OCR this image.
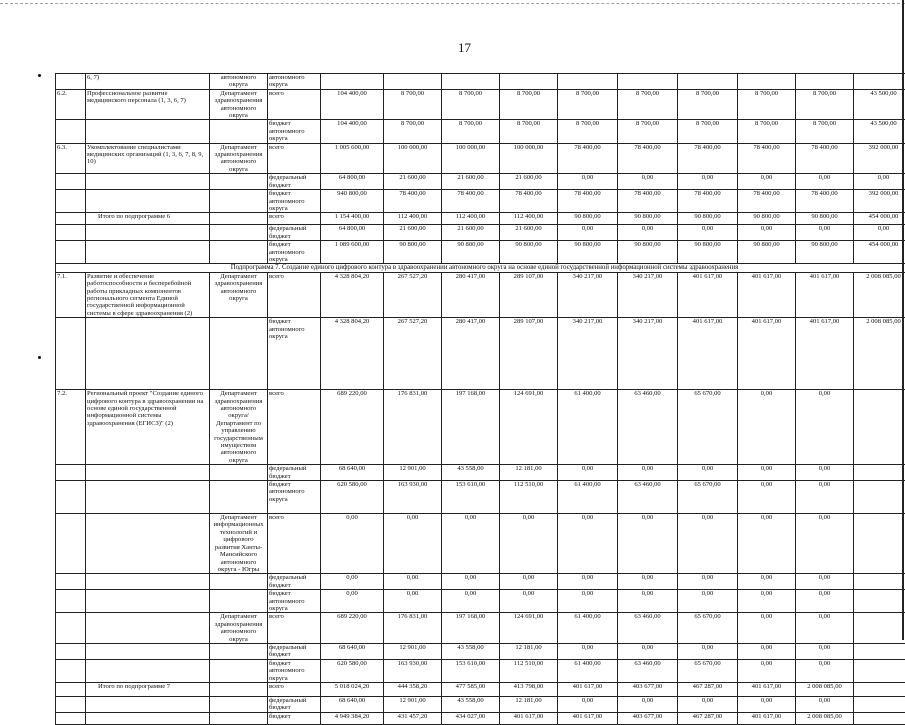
17
	6, 7)	автономного округа	автономного округа										
6.2.	Профессиональное развитие медицинского персонала (1, 3, 6, 7)	Департамент здравоохранения автономного округа	всего	104 400,00	8 700,00	8 700,00	8 700,00	8 700,00	8 700,00	8 700,00	8 700,00	8 700,00	43 500,00
			бюджет автономного округа	104 400,00	8 700,00	8 700,00	8 700,00	8 700,00	8 700,00	8 700,00	8 700,00	8 700,00	43 500,00
6.3.	Укомплектование специалистами медицинских организаций (1, 3, 6, 7, 8, 9, 10)	Департамент здравоохранения автономного округа	всего	1 005 600,00	100 000,00	100 000,00	100 000,00	78 400,00	78 400,00	78 400,00	78 400,00	78 400,00	392 000,00
			федеральный бюджет	64 800,00	21 600,00	21 600,00	21 600,00	0,00	0,00	0,00	0,00	0,00	0,00
			бюджет автономного округа	940 800,00	78 400,00	78 400,00	78 400,00	78 400,00	78 400,00	78 400,00	78 400,00	78 400,00	392 000,00
	Итого по подпрограмме 6		всего	1 154 400,00	112 400,00	112 400,00	112 400,00	90 800,00	90 800,00	90 800,00	90 800,00	90 800,00	454 000,00
			федеральный бюджет	64 800,00	21 600,00	21 600,00	21 600,00	0,00	0,00	0,00	0,00	0,00	0,00
			бюджет автономного округа	1 089 600,00	90 800,00	90 800,00	90 800,00	90 800,00	90 800,00	90 800,00	90 800,00	90 800,00	454 000,00
Подпрограмма 7. Создание единого цифрового контура в здравоохранении автономного округа на основе единой государственной информационной системы здравоохранения													
7.1.	Развитие и обеспечение работоспособности и бесперебойной работы прикладных компонентов регионального сегмента Единой государственной информационной системы в сфере здравоохранения (2)	Департамент здравоохранения автономного округа	всего	4 328 804,20	267 527,20	280 417,00	289 107,00	340 217,00	340 217,00	401 617,00	401 617,00	401 617,00	2 008 085,00
			бюджет автономного округа	4 328 804,20	267 527,20	280 417,00	289 107,00	340 217,00	340 217,00	401 617,00	401 617,00	401 617,00	2 008 085,00
7.2.	Региональный проект "Создание единого цифрового контура в здравоохранении на основе единой государственной информационной системы здравоохранения (ЕГИСЗ)" (2)	Департамент здравоохранения автономного округа/Департамент по управлению государственным имуществом автономного округа	всего	689 220,00	176 831,00	197 168,00	124 691,00	61 400,00	63 460,00	65 670,00	0,00	0,00	
			федеральный бюджет	68 640,00	12 901,00	43 558,00	12 181,00	0,00	0,00	0,00	0,00	0,00	
			бюджет автономного округа	620 580,00	163 930,00	153 610,00	112 510,00	61 400,00	63 460,00	65 670,00	0,00	0,00	
		Департамент информационных технологий и цифрового развития Ханты-Мансийского автономного округа - Югры	всего	0,00	0,00	0,00	0,00	0,00	0,00	0,00	0,00	0,00	
			федеральный бюджет	0,00	0,00	0,00	0,00	0,00	0,00	0,00	0,00	0,00	
			бюджет автономного округа	0,00	0,00	0,00	0,00	0,00	0,00	0,00	0,00	0,00	
		Департамент здравоохранения автономного округа	всего	689 220,00	176 831,00	197 168,00	124 691,00	61 400,00	63 460,00	65 670,00	0,00	0,00	
			федеральный бюджет	68 640,00	12 901,00	43 558,00	12 181,00	0,00	0,00	0,00	0,00	0,00	
			бюджет автономного округа	620 580,00	163 930,00	153 610,00	112 510,00	61 400,00	63 460,00	65 670,00	0,00	0,00	
	Итого по подпрограмме 7		всего	5 018 024,20	444 358,20	477 585,00	413 798,00	401 617,00	403 677,00	467 287,00	401 617,00	2 008 085,00	
			федеральный бюджет	68 640,00	12 901,00	43 558,00	12 181,00	0,00	0,00	0,00	0,00	0,00	
			бюджет	4 949 384,20	431 457,20	434 027,00	401 617,00	401 617,00	403 677,00	467 287,00	401 617,00	2 008 085,00	
